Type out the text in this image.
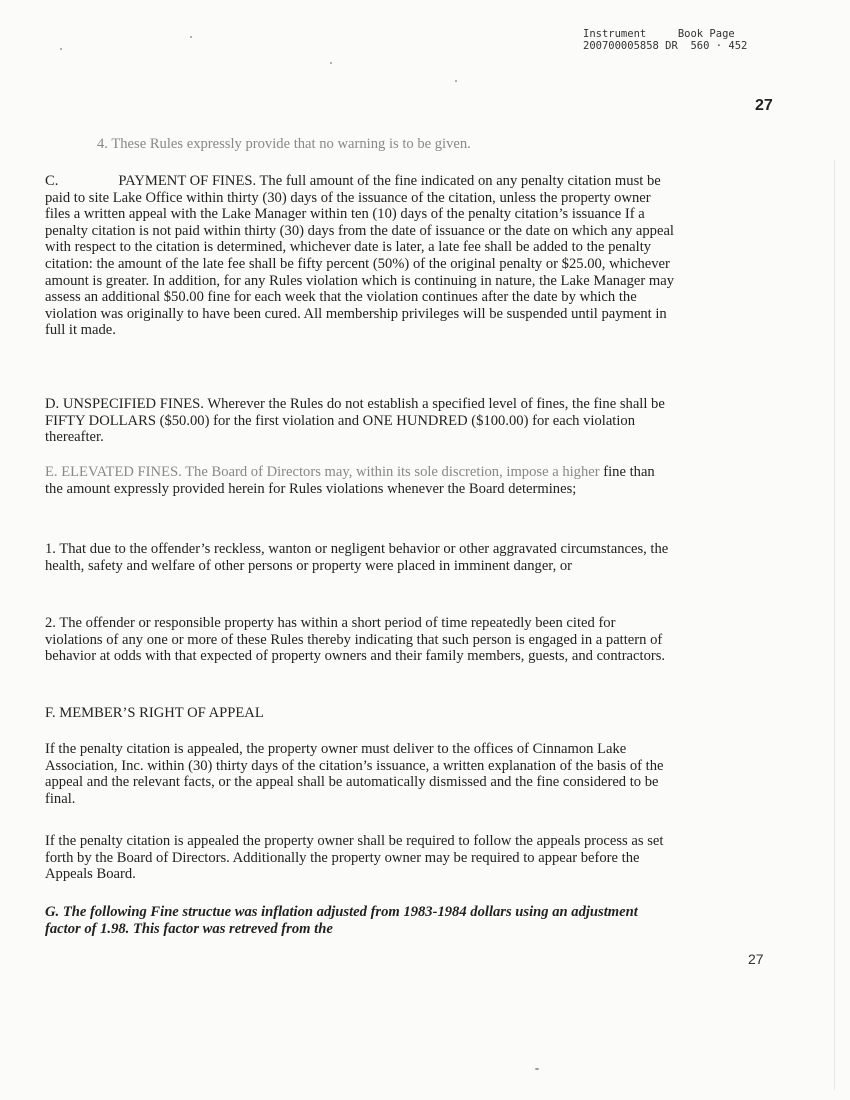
Instrument     Book Page
200700005858 DR  560 · 452
27

4. These Rules expressly provide that no warning is to be given.

C.	PAYMENT OF FINES. The full amount of the fine indicated on any penalty citation must be paid to site Lake Office within thirty (30) days of the issuance of the citation, unless the property owner files a written appeal with the Lake Manager within ten (10) days of the penalty citation’s issuance If a penalty citation is not paid within thirty (30) days from the date of issuance or the date on which any appeal with respect to the citation is determined, whichever date is later, a late fee shall be added to the penalty citation: the amount of the late fee shall be fifty percent (50%) of the original penalty or $25.00, whichever amount is greater. In addition, for any Rules violation which is continuing in nature, the Lake Manager may assess an additional $50.00 fine for each week that the violation continues after the date by which the violation was originally to have been cured. All membership privileges will be suspended until payment in full it made.

D. UNSPECIFIED FINES. Wherever the Rules do not establish a specified level of fines, the fine shall be FIFTY DOLLARS ($50.00) for the first violation and ONE HUNDRED ($100.00) for each violation thereafter.

E. ELEVATED FINES. The Board of Directors may, within its sole discretion, impose a higher fine than the amount expressly provided herein for Rules violations whenever the Board determines;

1. That due to the offender’s reckless, wanton or negligent behavior or other aggravated circumstances, the health, safety and welfare of other persons or property were placed in imminent danger, or

2. The offender or responsible property has within a short period of time repeatedly been cited for violations of any one or more of these Rules thereby indicating that such person is engaged in a pattern of behavior at odds with that expected of property owners and their family members, guests, and contractors.

F. MEMBER’S RIGHT OF APPEAL

If the penalty citation is appealed, the property owner must deliver to the offices of Cinnamon Lake Association, Inc. within (30) thirty days of the citation’s issuance, a written explanation of the basis of the appeal and the relevant facts, or the appeal shall be automatically dismissed and the fine considered to be final.

If the penalty citation is appealed the property owner shall be required to follow the appeals process as set forth by the Board of Directors. Additionally the property owner may be required to appear before the Appeals Board.

G. The following Fine structue was inflation adjusted from 1983-1984 dollars using an adjustment factor of 1.98. This factor was retreved from the

27
